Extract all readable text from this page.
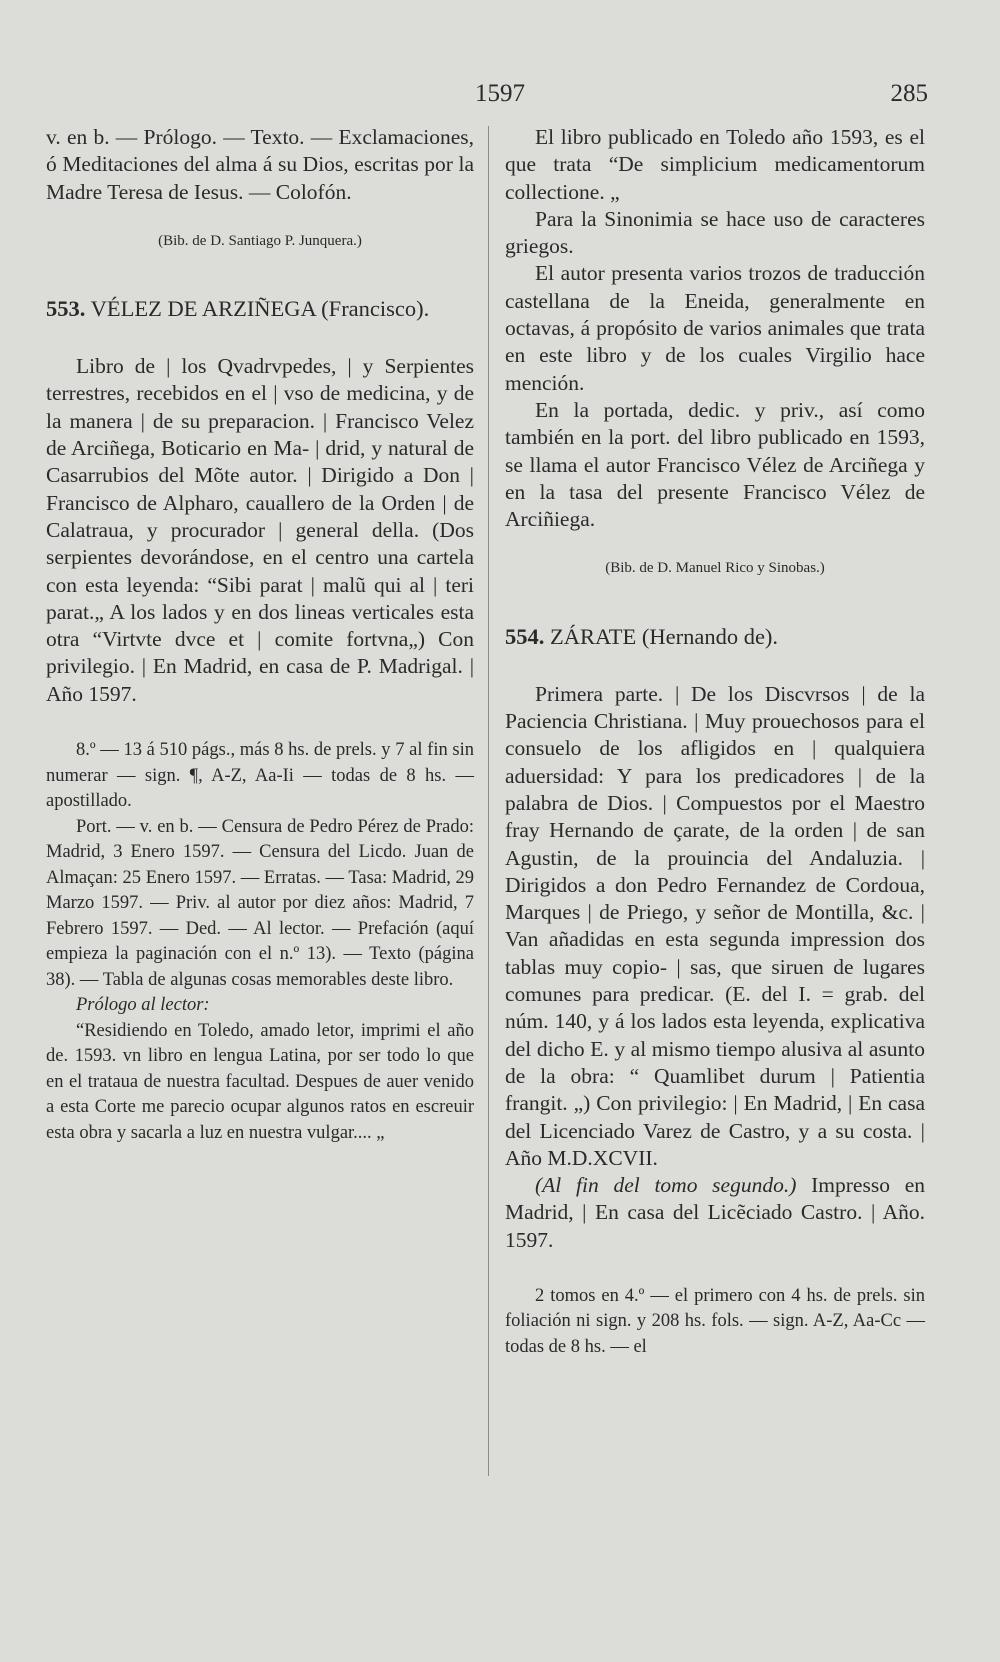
1597	285

v. en b. — Prólogo. — Texto. — Exclamaciones, ó Meditaciones del alma á su Dios, escritas por la Madre Teresa de Iesus. — Colofón.

(Bib. de D. Santiago P. Junquera.)

553. VÉLEZ DE ARZIÑEGA (Francisco).

Libro de | los Qvadrvpedes, | y Serpientes terrestres, recebidos en el | vso de medicina, y de la manera | de su preparacion. | Francisco Velez de Arciñega, Boticario en Ma- | drid, y natural de Casarrubios del Mõte autor. | Dirigido a Don | Francisco de Alpharo, cauallero de la Orden | de Calatraua, y procurador | general della. (Dos serpientes devorándose, en el centro una cartela con esta leyenda: “Sibi parat | malũ qui al | teri parat.„ A los lados y en dos lineas verticales esta otra “Virtvte dvce et | comite fortvna„) Con privilegio. | En Madrid, en casa de P. Madrigal. | Año 1597.

8.º — 13 á 510 págs., más 8 hs. de prels. y 7 al fin sin numerar — sign. ¶, A-Z, Aa-Ii — todas de 8 hs. — apostillado.

Port. — v. en b. — Censura de Pedro Pérez de Prado: Madrid, 3 Enero 1597. — Censura del Licdo. Juan de Almaçan: 25 Enero 1597. — Erratas. — Tasa: Madrid, 29 Marzo 1597. — Priv. al autor por diez años: Madrid, 7 Febrero 1597. — Ded. — Al lector. — Prefación (aquí empieza la paginación con el n.º 13). — Texto (página 38). — Tabla de algunas cosas memorables deste libro.

Prólogo al lector:

“Residiendo en Toledo, amado letor, imprimi el año de. 1593. vn libro en lengua Latina, por ser todo lo que en el trataua de nuestra facultad. Despues de auer venido a esta Corte me parecio ocupar algunos ratos en escreuir esta obra y sacarla a luz en nuestra vulgar.... „

El libro publicado en Toledo año 1593, es el que trata “De simplicium medicamentorum collectione. „

Para la Sinonimia se hace uso de caracteres griegos.

El autor presenta varios trozos de traducción castellana de la Eneida, generalmente en octavas, á propósito de varios animales que trata en este libro y de los cuales Virgilio hace mención.

En la portada, dedic. y priv., así como también en la port. del libro publicado en 1593, se llama el autor Francisco Vélez de Arciñega y en la tasa del presente Francisco Vélez de Arciñiega.

(Bib. de D. Manuel Rico y Sinobas.)

554. ZÁRATE (Hernando de).

Primera parte. | De los Discvrsos | de la Paciencia Christiana. | Muy prouechosos para el consuelo de los afligidos en | qualquiera aduersidad: Y para los predicadores | de la palabra de Dios. | Compuestos por el Maestro fray Hernando de çarate, de la orden | de san Agustin, de la prouincia del Andaluzia. | Dirigidos a don Pedro Fernandez de Cordoua, Marques | de Priego, y señor de Montilla, &c. | Van añadidas en esta segunda impression dos tablas muy copio- | sas, que siruen de lugares comunes para predicar. (E. del I. = grab. del núm. 140, y á los lados esta leyenda, explicativa del dicho E. y al mismo tiempo alusiva al asunto de la obra: “ Quamlibet durum | Patientia frangit. „) Con privilegio: | En Madrid, | En casa del Licenciado Varez de Castro, y a su costa. | Año M.D.XCVII.

(Al fin del tomo segundo.) Impresso en Madrid, | En casa del Licẽciado Castro. | Año. 1597.

2 tomos en 4.º — el primero con 4 hs. de prels. sin foliación ni sign. y 208 hs. fols. — sign. A-Z, Aa-Cc — todas de 8 hs. — el
